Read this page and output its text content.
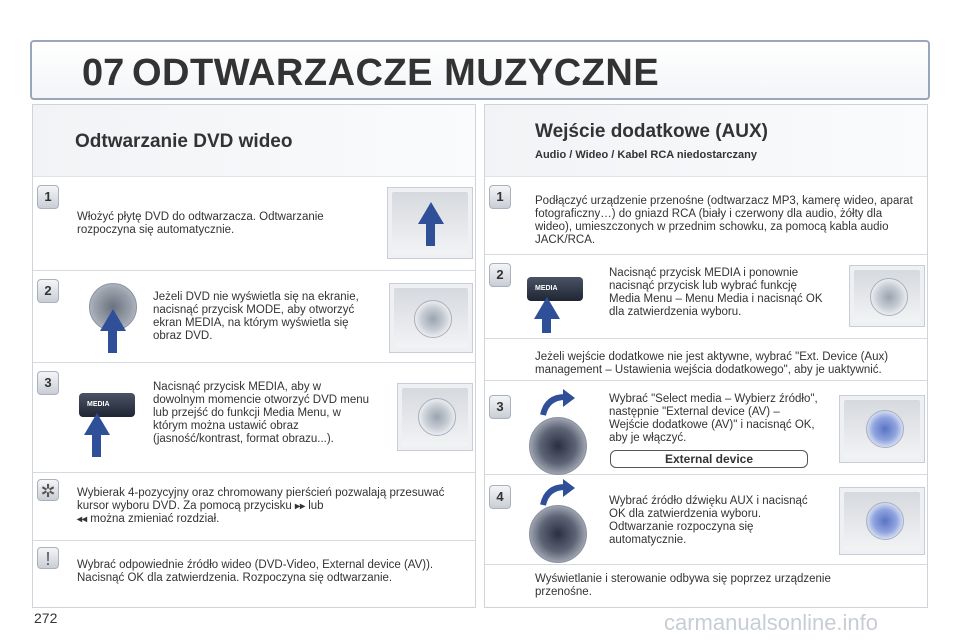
07 ODTWARZACZE MUZYCZNE
Odtwarzanie DVD wideo
1
Włożyć płytę DVD do odtwarzacza. Odtwarzanie rozpoczyna się automatycznie.
2	Jeżeli DVD nie wyświetla się na ekranie, nacisnąć przycisk MODE, aby otworzyć ekran MEDIA, na którym wyświetla się obraz DVD.
3
MEDIA
Nacisnąć przycisk MEDIA, aby w dowolnym momencie otworzyć DVD menu lub przejść do funkcji Media Menu, w którym można ustawić obraz (jasność/kontrast, format obrazu...).
✲	Wybierak 4-pozycyjny oraz chromowany pierścień pozwalają przesuwać kursor wyboru DVD. Za pomocą przycisku ▸▸ lub
◂◂ można zmieniać rozdział.
!	Wybrać odpowiednie źródło wideo (DVD-Video, External device (AV)). Nacisnąć OK dla zatwierdzenia. Rozpoczyna się odtwarzanie.
Wejście dodatkowe (AUX)
Audio / Wideo / Kabel RCA niedostarczany
1	Podłączyć urządzenie przenośne (odtwarzacz MP3, kamerę wideo, aparat fotograficzny…) do gniazd RCA (biały i czerwony dla audio, żółty dla wideo), umieszczonych w przednim schowku, za pomocą kabla audio JACK/RCA.
2
MEDIA
Nacisnąć przycisk MEDIA i ponownie nacisnąć przycisk lub wybrać funkcję Media Menu – Menu Media i nacisnąć OK dla zatwierdzenia wyboru.
Jeżeli wejście dodatkowe nie jest aktywne, wybrać "Ext. Device (Aux) management – Ustawienia wejścia dodatkowego", aby je uaktywnić.
3	Wybrać "Select media – Wybierz źródło", następnie "External device (AV) – Wejście dodatkowe (AV)" i nacisnąć OK, aby je włączyć.
4	Wybrać źródło dźwięku AUX i nacisnąć OK dla zatwierdzenia wyboru. Odtwarzanie rozpoczyna się automatycznie.
Wyświetlanie i sterowanie odbywa się poprzez urządzenie przenośne.
External device
272	carmanualsonline.info
